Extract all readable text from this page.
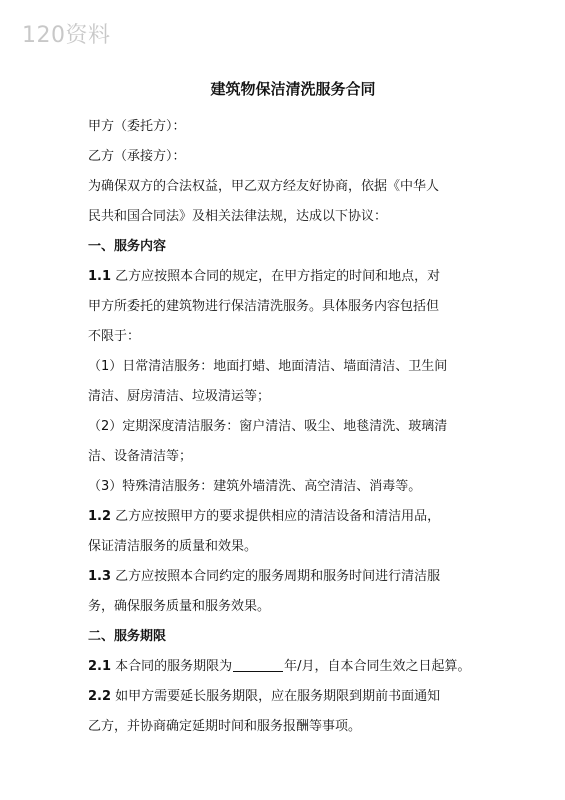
120资料
建筑物保洁清洗服务合同

甲方（委托方）：

乙方（承接方）：

为确保双方的合法权益，甲乙双方经友好协商，依据《中华人

民共和国合同法》及相关法律法规，达成以下协议：

一、服务内容

1.1 乙方应按照本合同的规定，在甲方指定的时间和地点，对

甲方所委托的建筑物进行保洁清洗服务。具体服务内容包括但

不限于：

（1）日常清洁服务：地面打蜡、地面清洁、墙面清洁、卫生间

清洁、厨房清洁、垃圾清运等；

（2）定期深度清洁服务：窗户清洁、吸尘、地毯清洗、玻璃清

洁、设备清洁等；

（3）特殊清洁服务：建筑外墙清洗、高空清洁、消毒等。

1.2 乙方应按照甲方的要求提供相应的清洁设备和清洁用品，

保证清洁服务的质量和效果。

1.3 乙方应按照本合同约定的服务周期和服务时间进行清洁服

务，确保服务质量和服务效果。

二、服务期限

2.1 本合同的服务期限为	年/月，自本合同生效之日起算。

2.2 如甲方需要延长服务期限，应在服务期限到期前书面通知

乙方，并协商确定延期时间和服务报酬等事项。
